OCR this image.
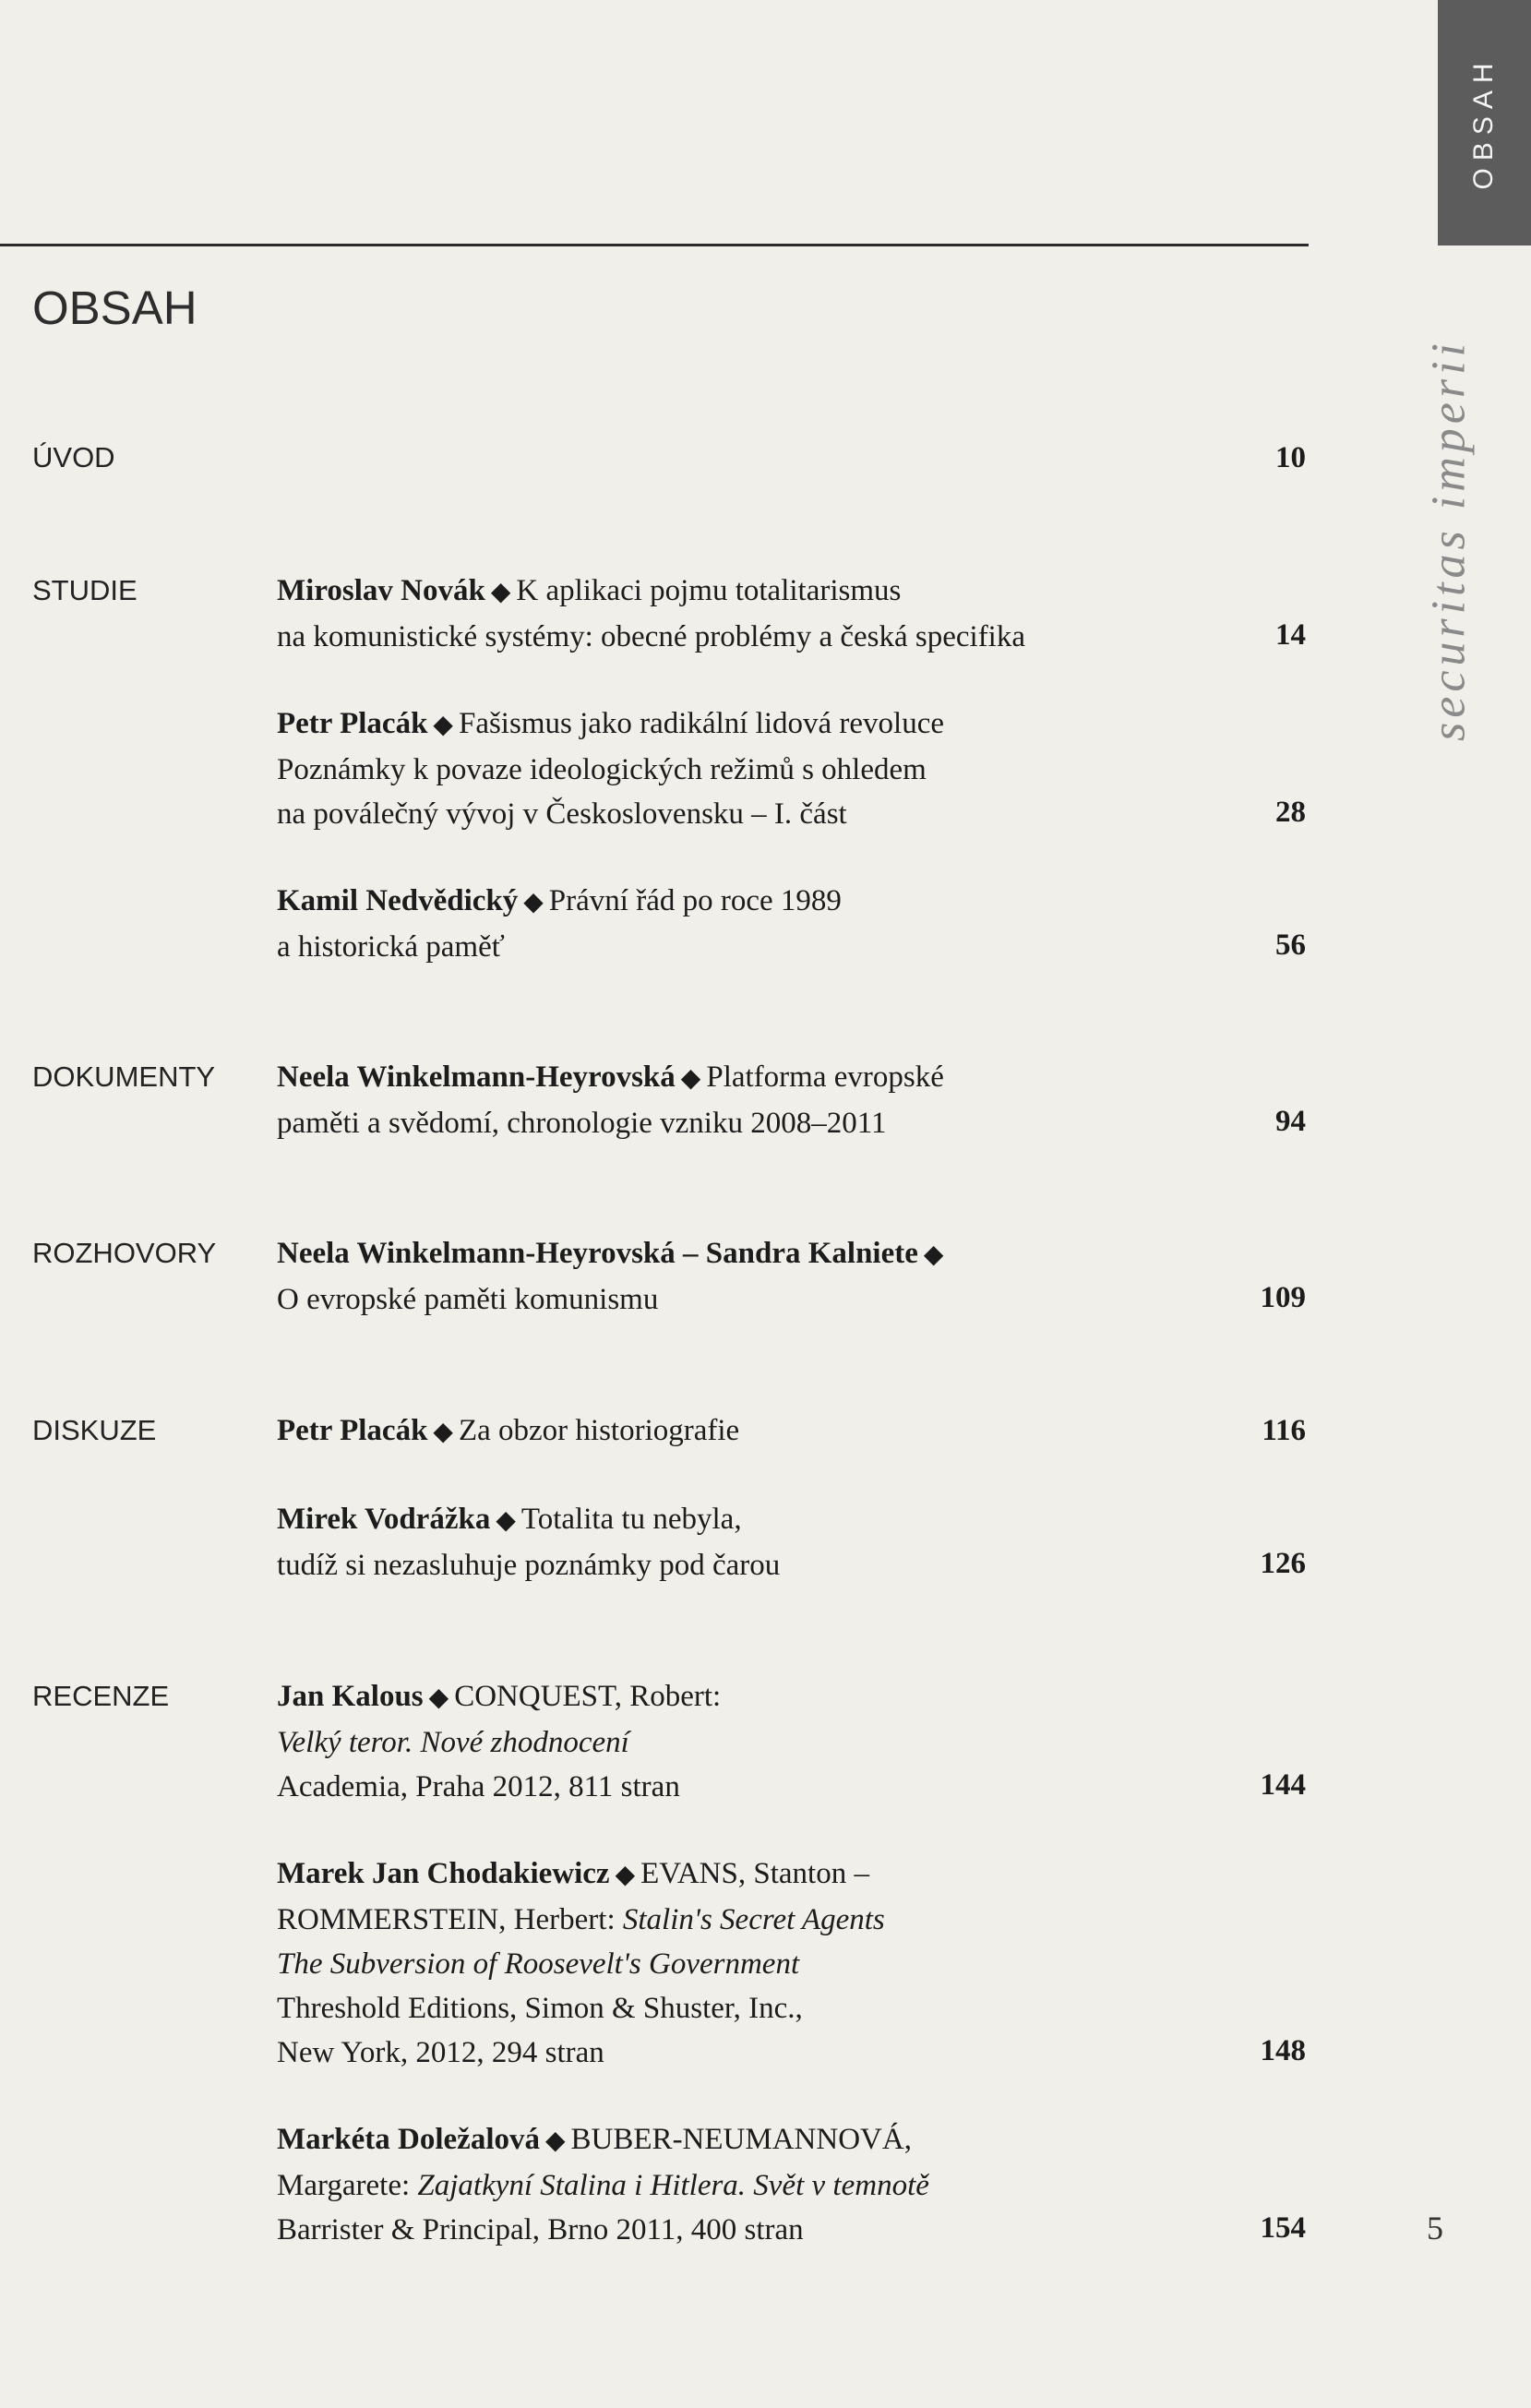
OBSAH
securitas imperii
OBSAH
ÚVOD	10
STUDIE	Miroslav Novák ◆ K aplikaci pojmu totalitarismus
na komunistické systémy: obecné problémy a česká specifika	14
Petr Placák ◆ Fašismus jako radikální lidová revoluce
Poznámky k povaze ideologických režimů s ohledem
na poválečný vývoj v Československu – I. část	28
Kamil Nedvědický ◆ Právní řád po roce 1989
a historická paměť	56
DOKUMENTY Neela Winkelmann-Heyrovská ◆ Platforma evropské
paměti a svědomí, chronologie vzniku 2008–2011	94
ROZHOVORY Neela Winkelmann-Heyrovská – Sandra Kalniete ◆
O evropské paměti komunismu	109
DISKUZE	Petr Placák ◆ Za obzor historiografie	116
Mirek Vodrážka ◆ Totalita tu nebyla,
tudíž si nezasluhuje poznámky pod čarou	126
RECENZE	Jan Kalous ◆ CONQUEST, Robert:
Velký teror. Nové zhodnocení
Academia, Praha 2012, 811 stran	144
Marek Jan Chodakiewicz ◆ EVANS, Stanton –
ROMMERSTEIN, Herbert: Stalin's Secret Agents
The Subversion of Roosevelt's Government
Threshold Editions, Simon & Shuster, Inc.,
New York, 2012, 294 stran	148
Markéta Doležalová ◆ BUBER-NEUMANNOVÁ,
Margarete: Zajatkyní Stalina i Hitlera. Svět v temnotě
Barrister & Principal, Brno 2011, 400 stran	154	5
